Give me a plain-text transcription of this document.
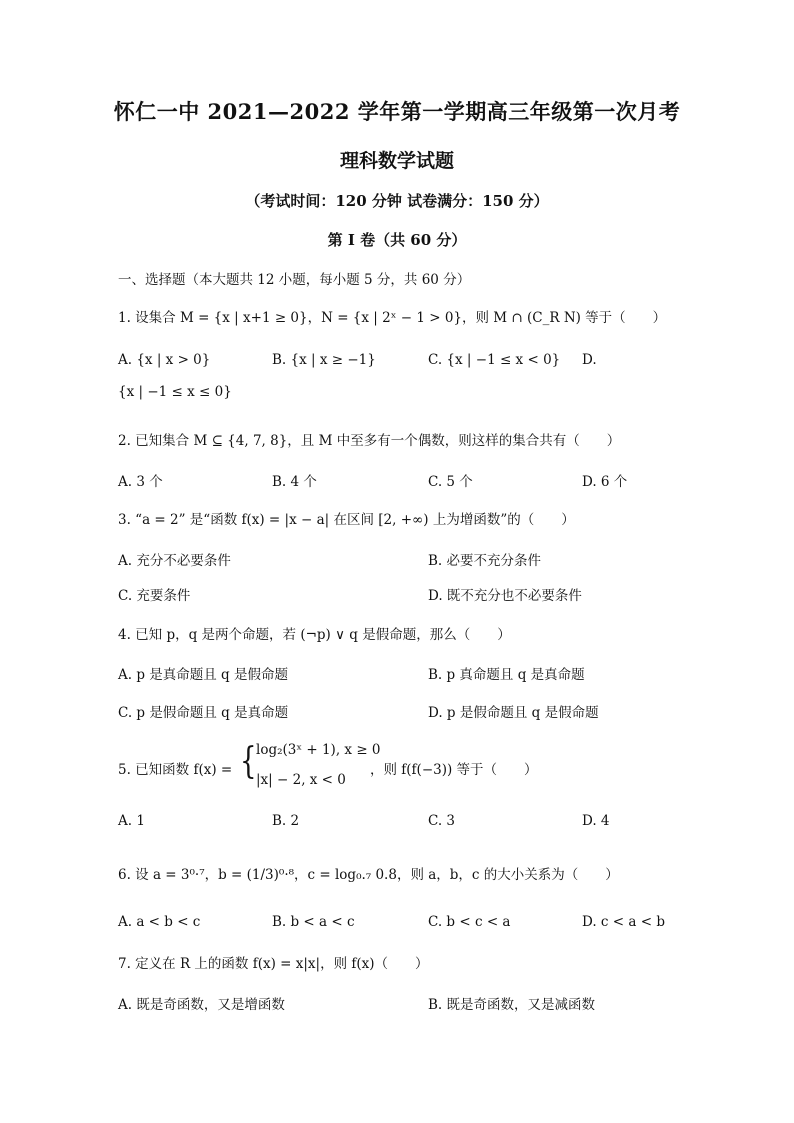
怀仁一中 2021—2022 学年第一学期高三年级第一次月考
理科数学试题
（考试时间：120 分钟 试卷满分：150 分）
第 I 卷（共 60 分）
一、选择题（本大题共 12 小题，每小题 5 分，共 60 分）
1. 设集合 M = {x | x+1 ≥ 0}，N = {x | 2ˣ − 1 > 0}，则 M ∩ (C_R N) 等于（　　）
A. {x | x > 0}	B. {x | x ≥ −1}	C. {x | −1 ≤ x < 0} D.
{x | −1 ≤ x ≤ 0}
2. 已知集合 M ⊆ {4, 7, 8}，且 M 中至多有一个偶数，则这样的集合共有（　　）
A. 3 个	B. 4 个	C. 5 个	D. 6 个
3. “a = 2” 是“函数 f(x) = |x − a| 在区间 [2, +∞) 上为增函数”的（　　）
A. 充分不必要条件	B. 必要不充分条件
C. 充要条件	D. 既不充分也不必要条件
4. 已知 p，q 是两个命题，若 (¬p) ∨ q 是假命题，那么（　　）
A. p 是真命题且 q 是假命题	B. p 真命题且 q 是真命题
C. p 是假命题且 q 是真命题	D. p 是假命题且 q 是假命题
5. 已知函数 f(x) = { log₂(3ˣ + 1), x ≥ 0
|x| − 2, x < 0
，则 f(f(−3)) 等于（　　）
A. 1	B. 2	C. 3	D. 4
6. 设 a = 3⁰·⁷，b = (1/3)⁰·⁸，c = log₀.₇ 0.8，则 a，b，c 的大小关系为（　　）
A. a < b < c	B. b < a < c	C. b < c < a	D. c < a < b
7. 定义在 R 上的函数 f(x) = x|x|，则 f(x)（　　）
A. 既是奇函数，又是增函数	B. 既是奇函数，又是减函数
